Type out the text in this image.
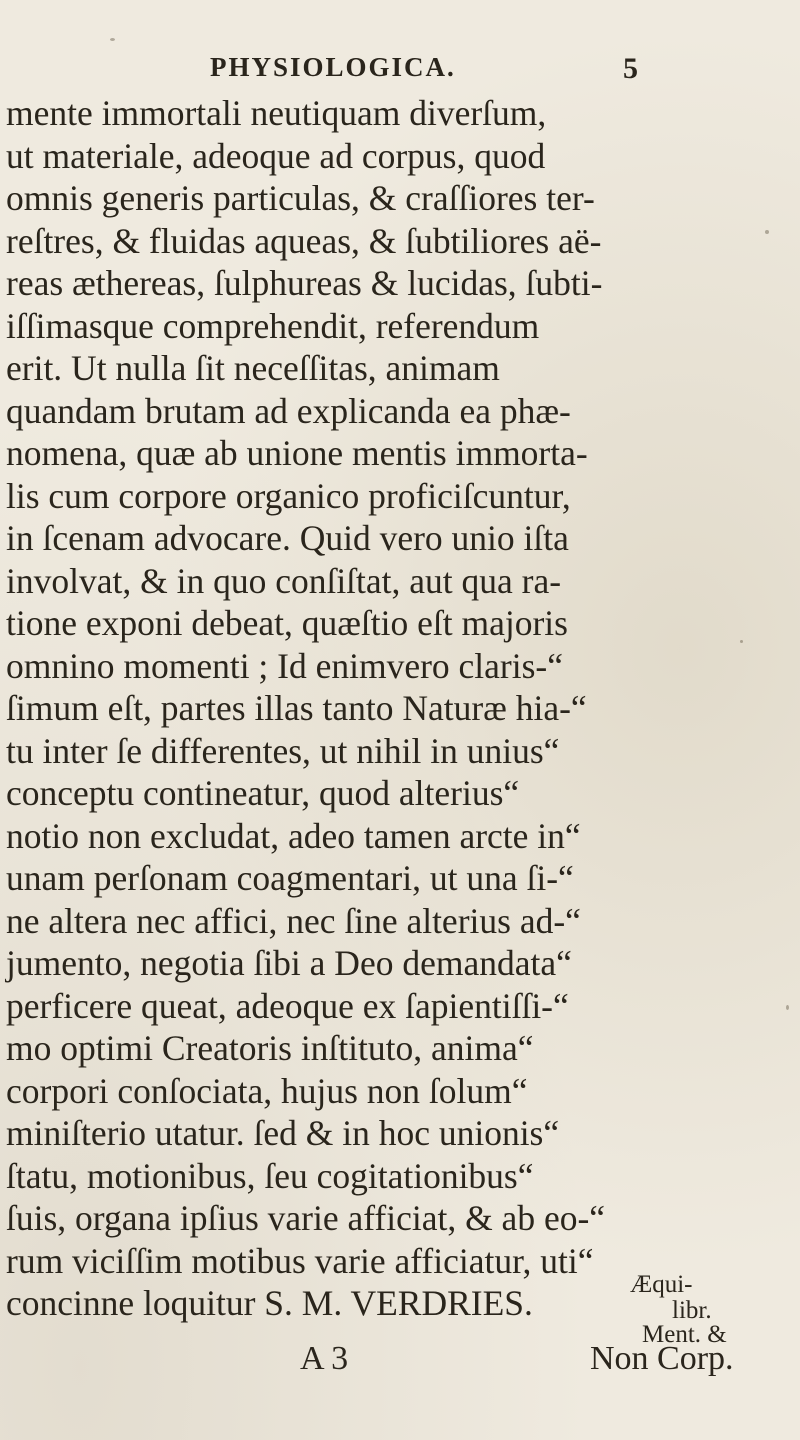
PHYSIOLOGICA.	5
mente immortali neutiquam diverſum,
ut materiale, adeoque ad corpus, quod
omnis generis particulas, & craſſiores ter-
reſtres, & fluidas aqueas, & ſubtiliores aë-
reas æthereas, ſulphureas & lucidas, ſubti-
iſſimasque comprehendit, referendum
erit. Ut nulla ſit neceſſitas, animam
quandam brutam ad explicanda ea phæ-
nomena, quæ ab unione mentis immorta-
lis cum corpore organico proficiſcuntur,
in ſcenam advocare. Quid vero unio iſta
involvat, & in quo conſiſtat, aut qua ra-
tione exponi debeat, quæſtio eſt majoris
omnino momenti ; Id enimvero claris-“
ſimum eſt, partes illas tanto Naturæ hia-“
tu inter ſe differentes, ut nihil in unius“
conceptu contineatur, quod alterius“
notio non excludat, adeo tamen arcte in“
unam perſonam coagmentari, ut una ſi-“
ne altera nec affici, nec ſine alterius ad-“
jumento, negotia ſibi a Deo demandata“
perficere queat, adeoque ex ſapientiſſi-“
mo optimi Creatoris inſtituto, anima“
corpori conſociata, hujus non ſolum“
miniſterio utatur. ſed & in hoc unionis“
ſtatu, motionibus, ſeu cogitationibus“
ſuis, organa ipſius varie afficiat, & ab eo-“
rum viciſſim motibus varie afficiatur, uti“
concinne loquitur S. M. VERDRIES.	Æqui-
libr.
Ment. &
A 3	Non Corp.
